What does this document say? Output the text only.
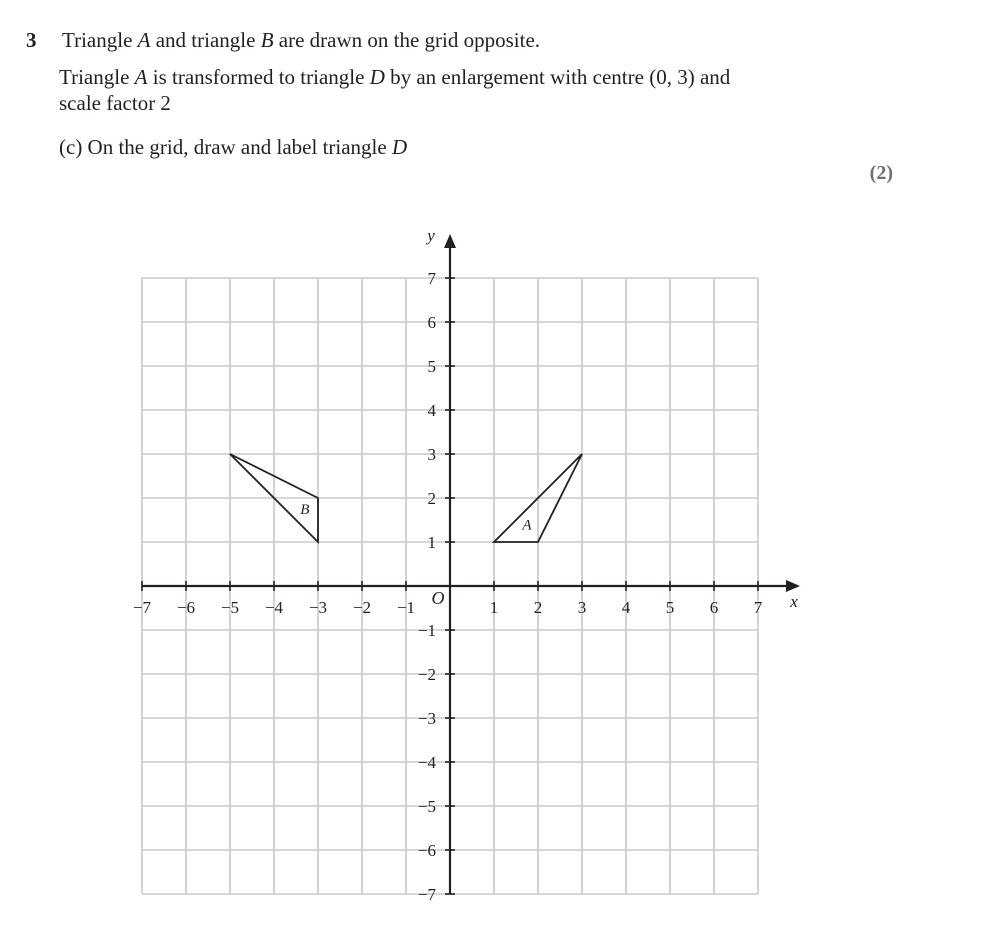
3 Triangle A and triangle B are drawn on the grid opposite.
Triangle A is transformed to triangle D by an enlargement with centre (0, 3) and
scale factor 2
(c) On the grid, draw and label triangle D
(2)
x
y
O
−7 −6 −5 −4 −3 −2 −1	1 2 3 4 5 6 7
7
6
5
4
3
2
1
−1
−2
−3
−4
−5
−6
−7
A
B
